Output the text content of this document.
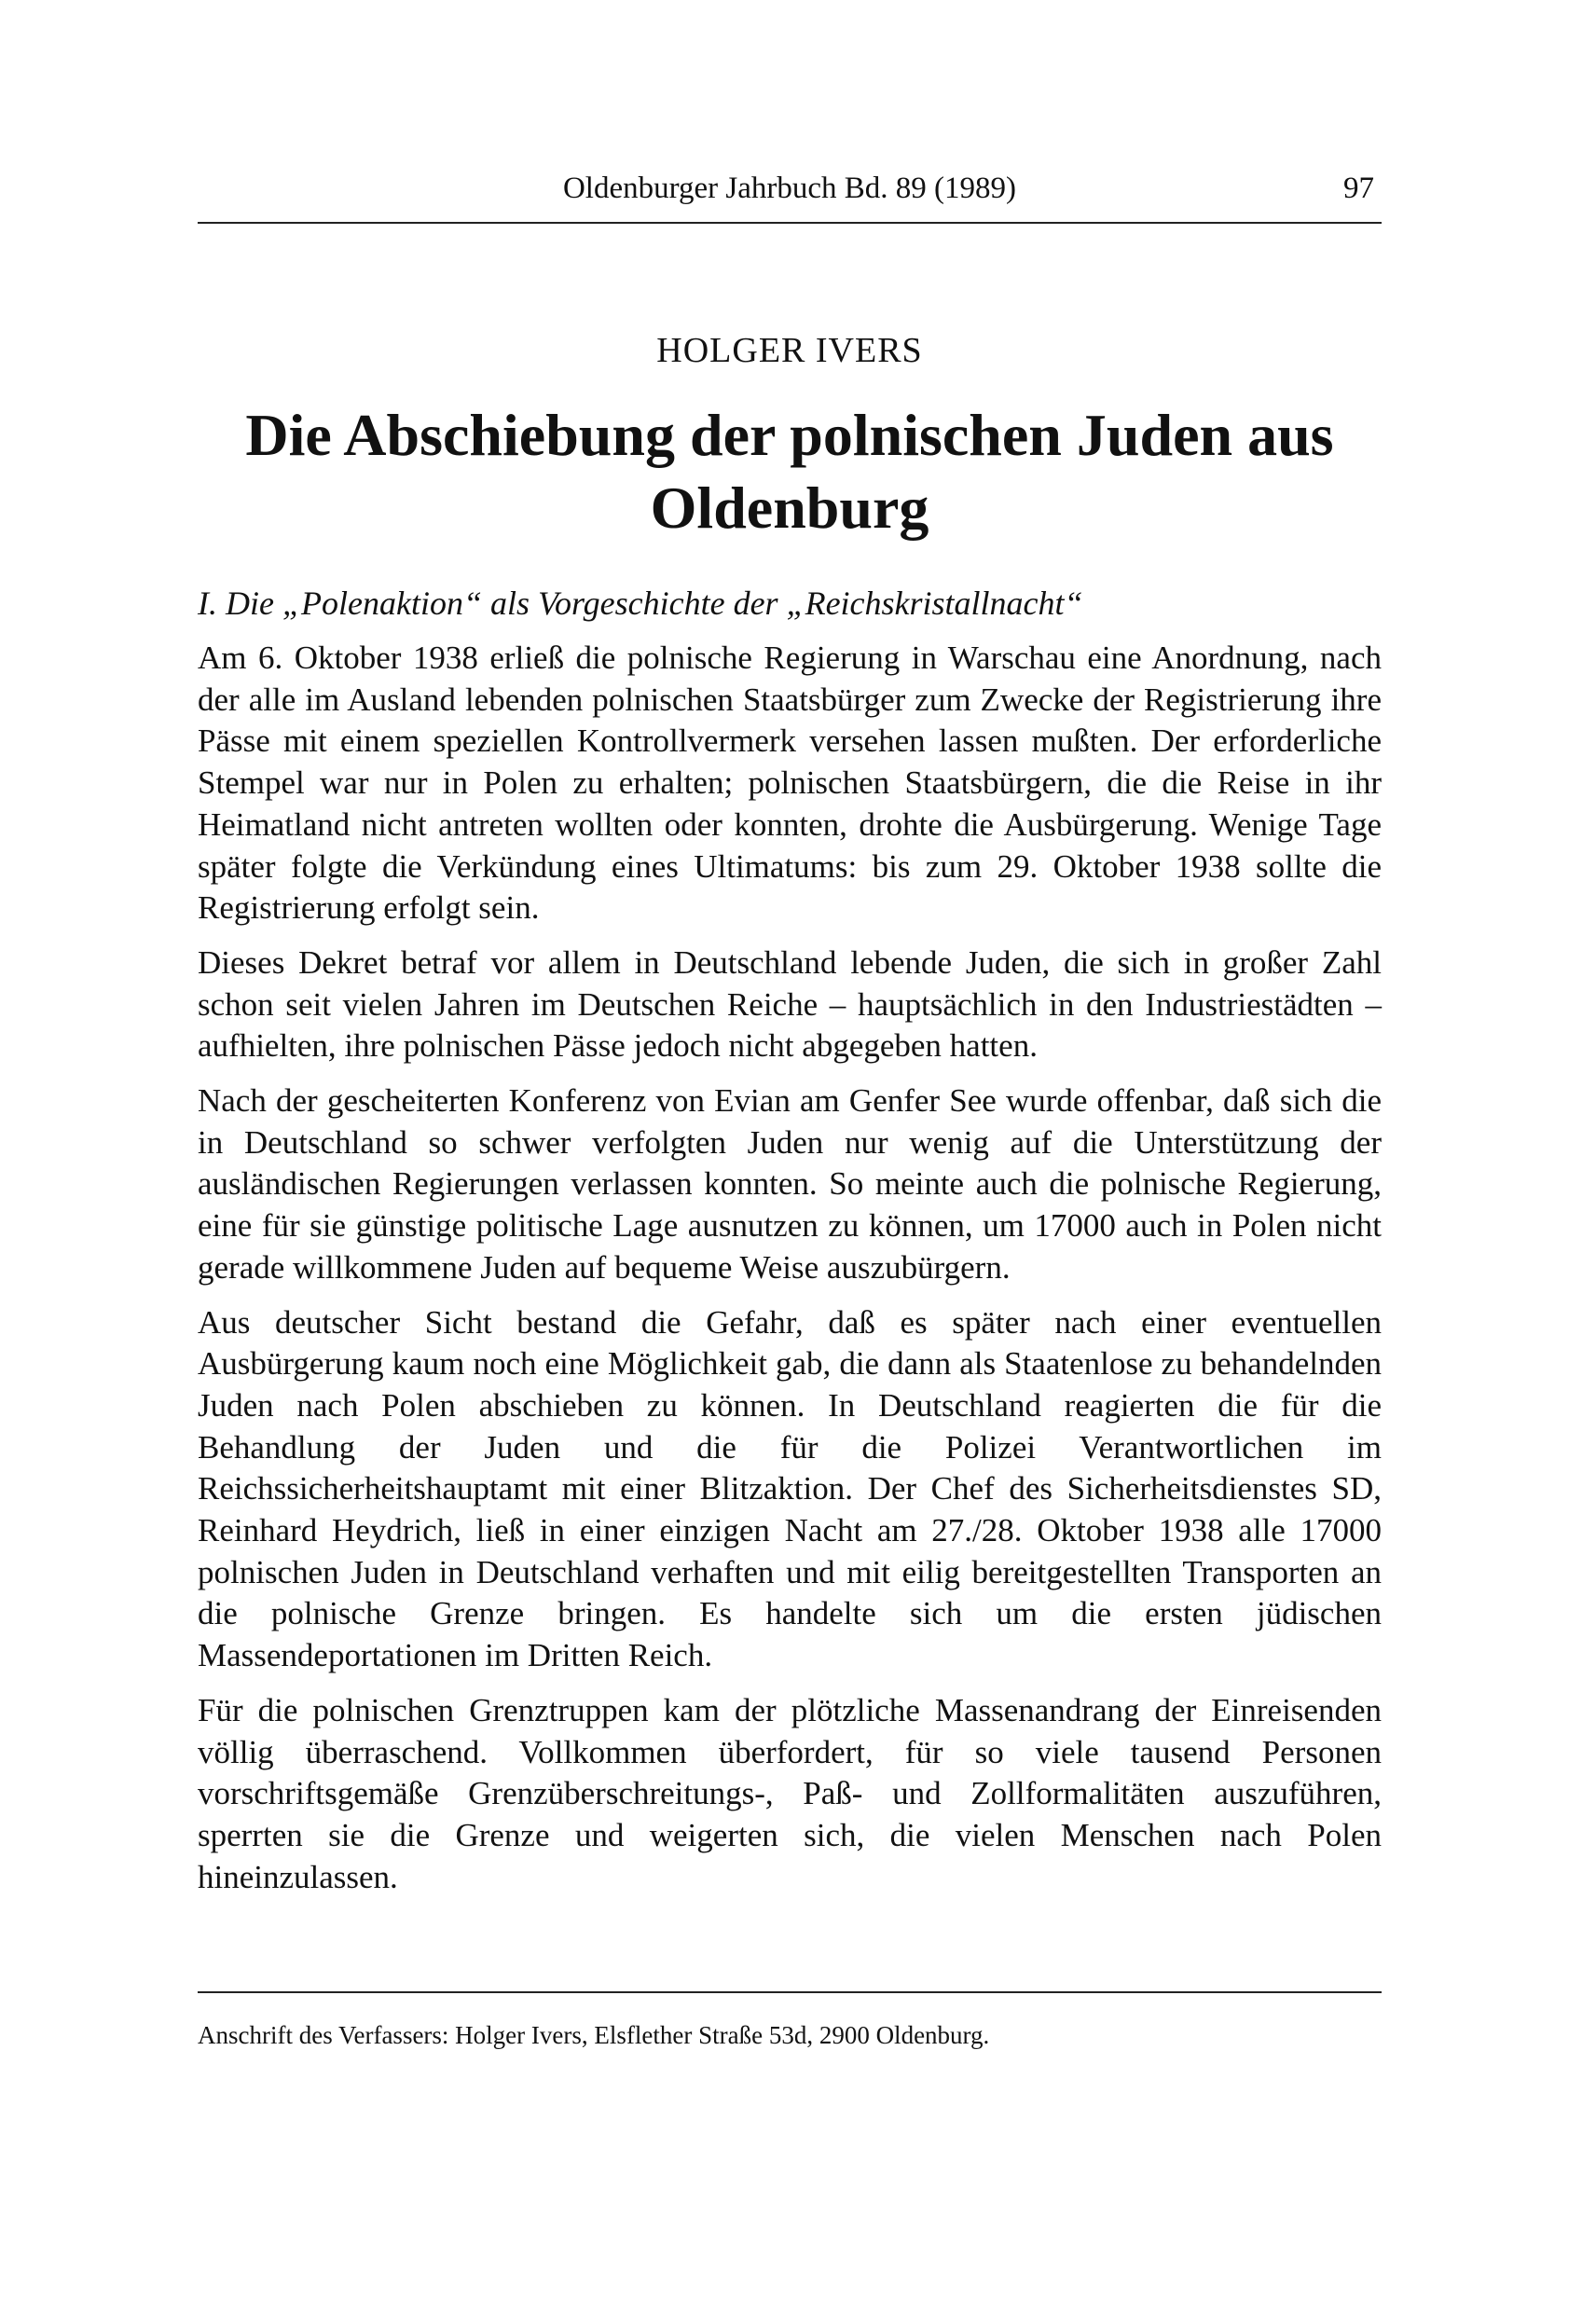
Oldenburger Jahrbuch Bd. 89 (1989)	97
HOLGER IVERS
Die Abschiebung der polnischen Juden aus Oldenburg
I. Die „Polenaktion“ als Vorgeschichte der „Reichskristallnacht“

Am 6. Oktober 1938 erließ die polnische Regierung in Warschau eine Anordnung, nach der alle im Ausland lebenden polnischen Staatsbürger zum Zwecke der Registrierung ihre Pässe mit einem speziellen Kontrollvermerk versehen lassen mußten. Der erforderliche Stempel war nur in Polen zu erhalten; polnischen Staatsbürgern, die die Reise in ihr Heimatland nicht antreten wollten oder konnten, drohte die Ausbürgerung. Wenige Tage später folgte die Verkündung eines Ultimatums: bis zum 29. Oktober 1938 sollte die Registrierung erfolgt sein.

Dieses Dekret betraf vor allem in Deutschland lebende Juden, die sich in großer Zahl schon seit vielen Jahren im Deutschen Reiche – hauptsächlich in den Industriestädten – aufhielten, ihre polnischen Pässe jedoch nicht abgegeben hatten.

Nach der gescheiterten Konferenz von Evian am Genfer See wurde offenbar, daß sich die in Deutschland so schwer verfolgten Juden nur wenig auf die Unterstützung der ausländischen Regierungen verlassen konnten. So meinte auch die polnische Regierung, eine für sie günstige politische Lage ausnutzen zu können, um 17000 auch in Polen nicht gerade willkommene Juden auf bequeme Weise auszubürgern.

Aus deutscher Sicht bestand die Gefahr, daß es später nach einer eventuellen Ausbürgerung kaum noch eine Möglichkeit gab, die dann als Staatenlose zu behandelnden Juden nach Polen abschieben zu können. In Deutschland reagierten die für die Behandlung der Juden und die für die Polizei Verantwortlichen im Reichssicherheitshauptamt mit einer Blitzaktion. Der Chef des Sicherheitsdienstes SD, Reinhard Heydrich, ließ in einer einzigen Nacht am 27./28. Oktober 1938 alle 17000 polnischen Juden in Deutschland verhaften und mit eilig bereitgestellten Transporten an die polnische Grenze bringen. Es handelte sich um die ersten jüdischen Massendeportationen im Dritten Reich.

Für die polnischen Grenztruppen kam der plötzliche Massenandrang der Einreisenden völlig überraschend. Vollkommen überfordert, für so viele tausend Personen vorschriftsgemäße Grenzüberschreitungs-, Paß- und Zollformalitäten auszuführen, sperrten sie die Grenze und weigerten sich, die vielen Menschen nach Polen hineinzulassen.

Anschrift des Verfassers: Holger Ivers, Elsflether Straße 53d, 2900 Oldenburg.
